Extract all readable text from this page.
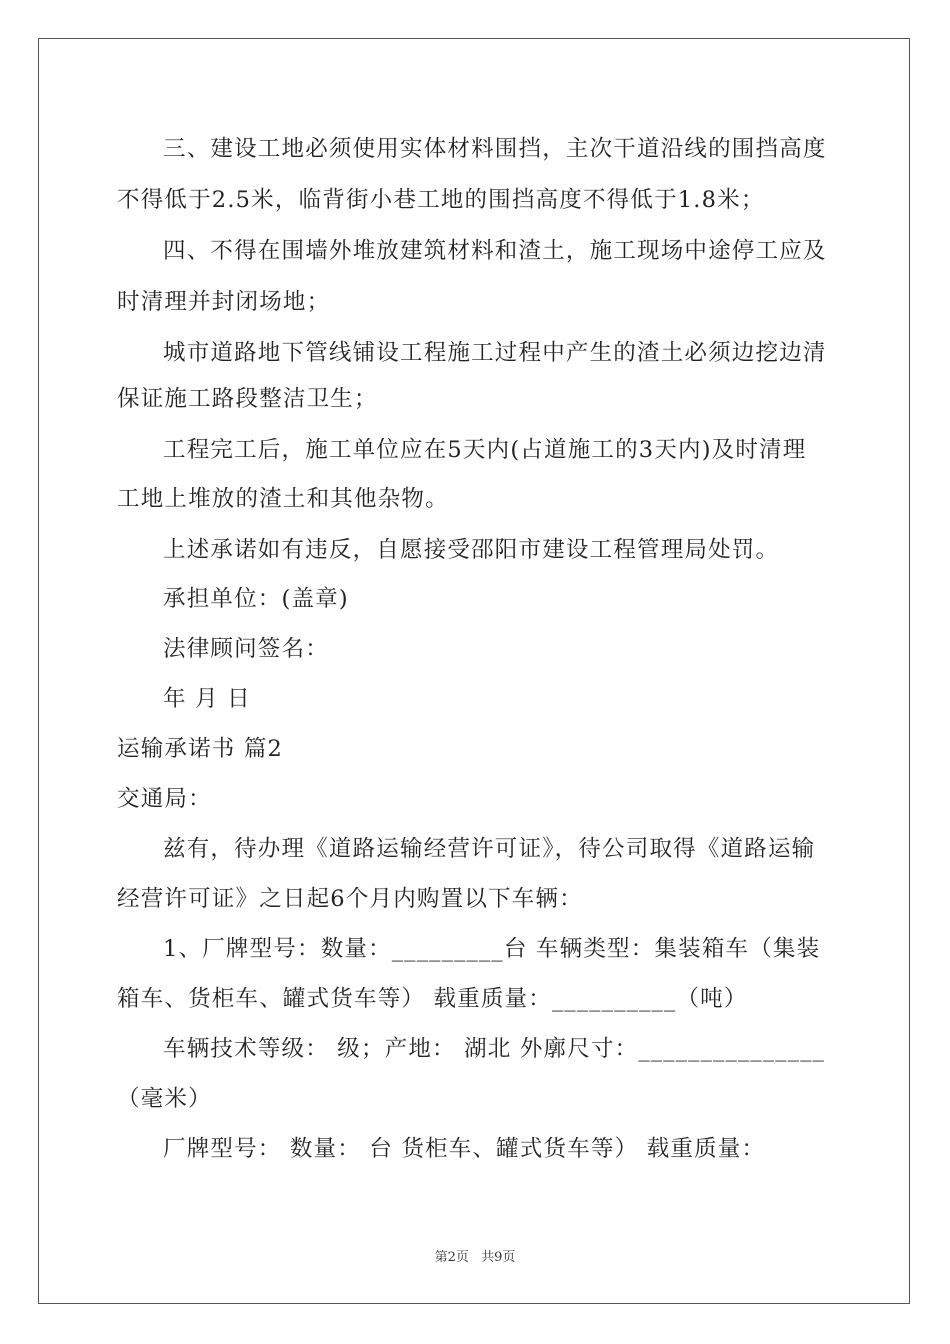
三、建设工地必须使用实体材料围挡，主次干道沿线的围挡高度
不得低于2.5米，临背街小巷工地的围挡高度不得低于1.8米；
四、不得在围墙外堆放建筑材料和渣土，施工现场中途停工应及
时清理并封闭场地；
城市道路地下管线铺设工程施工过程中产生的渣土必须边挖边清
保证施工路段整洁卫生；
工程完工后，施工单位应在5天内(占道施工的3天内)及时清理
工地上堆放的渣土和其他杂物。
上述承诺如有违反，自愿接受邵阳市建设工程管理局处罚。
承担单位：(盖章)
法律顾问签名：
年 月 日
运输承诺书 篇2
交通局：
兹有，待办理《道路运输经营许可证》，待公司取得《道路运输
经营许可证》之日起6个月内购置以下车辆：
1、厂牌型号：数量：_________台 车辆类型：集装箱车（集装
箱车、货柜车、罐式货车等） 载重质量：__________（吨）
车辆技术等级： 级；产地： 湖北 外廓尺寸：_______________
（毫米）
厂牌型号： 数量： 台 货柜车、罐式货车等） 载重质量：
第2页 共9页
